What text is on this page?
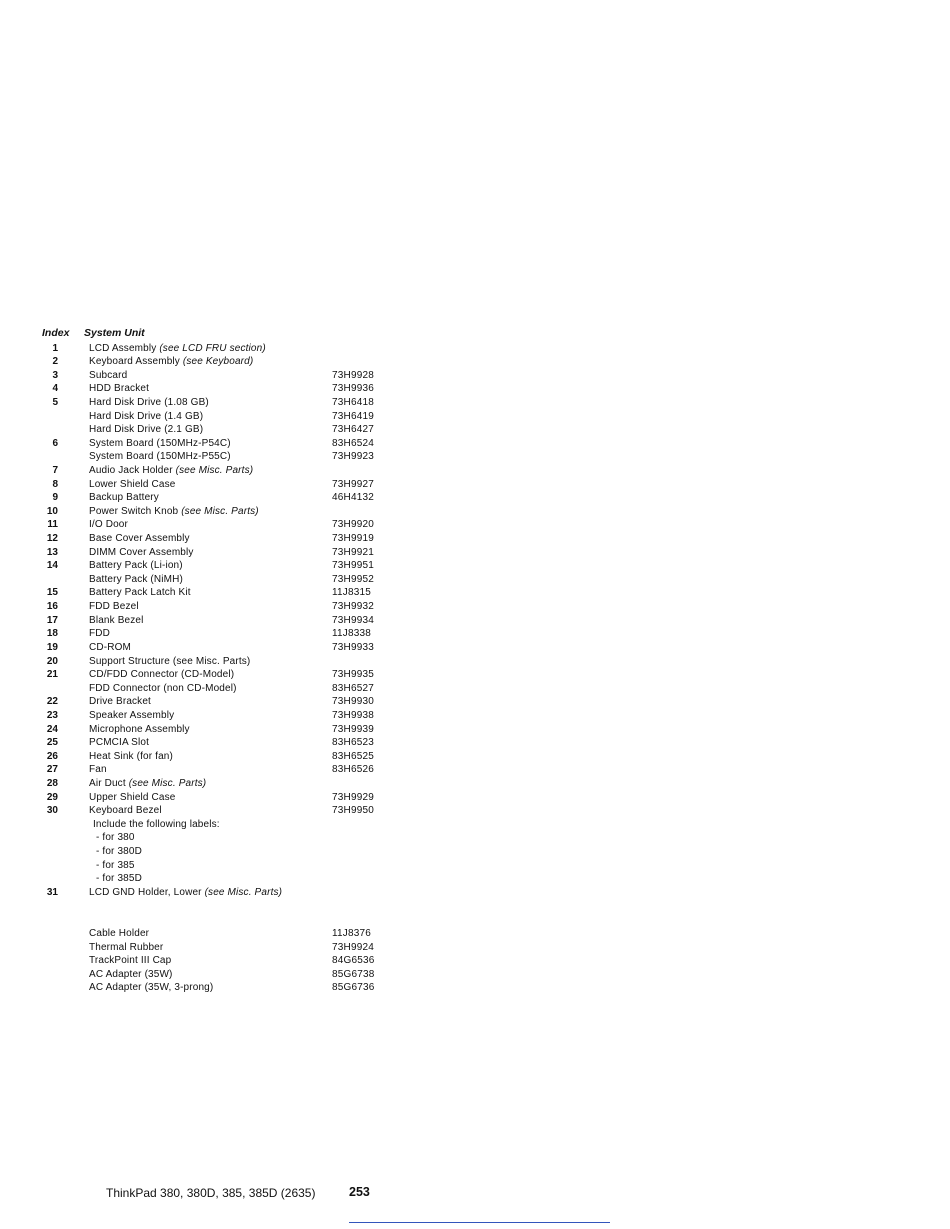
Index System Unit
1	LCD Assembly (see LCD FRU section)
2	Keyboard Assembly (see Keyboard)
3	Subcard	73H9928
4	HDD Bracket	73H9936
5	Hard Disk Drive (1.08 GB)	73H6418
Hard Disk Drive (1.4 GB)	73H6419
Hard Disk Drive (2.1 GB)	73H6427
6	System Board (150MHz-P54C)	83H6524
System Board (150MHz-P55C)	73H9923
7	Audio Jack Holder (see Misc. Parts)
8	Lower Shield Case	73H9927
9	Backup Battery	46H4132
10	Power Switch Knob (see Misc. Parts)
11	I/O Door	73H9920
12	Base Cover Assembly	73H9919
13	DIMM Cover Assembly	73H9921
14	Battery Pack (Li-ion)	73H9951
Battery Pack (NiMH)	73H9952
15	Battery Pack Latch Kit	11J8315
16	FDD Bezel	73H9932
17	Blank Bezel	73H9934
18	FDD	11J8338
19	CD-ROM	73H9933
20	Support Structure (see Misc. Parts)
21	CD/FDD Connector (CD-Model)	73H9935
FDD Connector (non CD-Model)	83H6527
22	Drive Bracket	73H9930
23	Speaker Assembly	73H9938
24	Microphone Assembly	73H9939
25	PCMCIA Slot	83H6523
26	Heat Sink (for fan)	83H6525
27	Fan	83H6526
28	Air Duct (see Misc. Parts)
29	Upper Shield Case	73H9929
30	Keyboard Bezel	73H9950
Include the following labels:
- for 380
- for 380D
- for 385
- for 385D
31	LCD GND Holder, Lower (see Misc. Parts)
Cable Holder	11J8376
Thermal Rubber	73H9924
TrackPoint III Cap	84G6536
AC Adapter (35W)	85G6738
AC Adapter (35W, 3-prong)	85G6736
ThinkPad 380, 380D, 385, 385D (2635)	253
